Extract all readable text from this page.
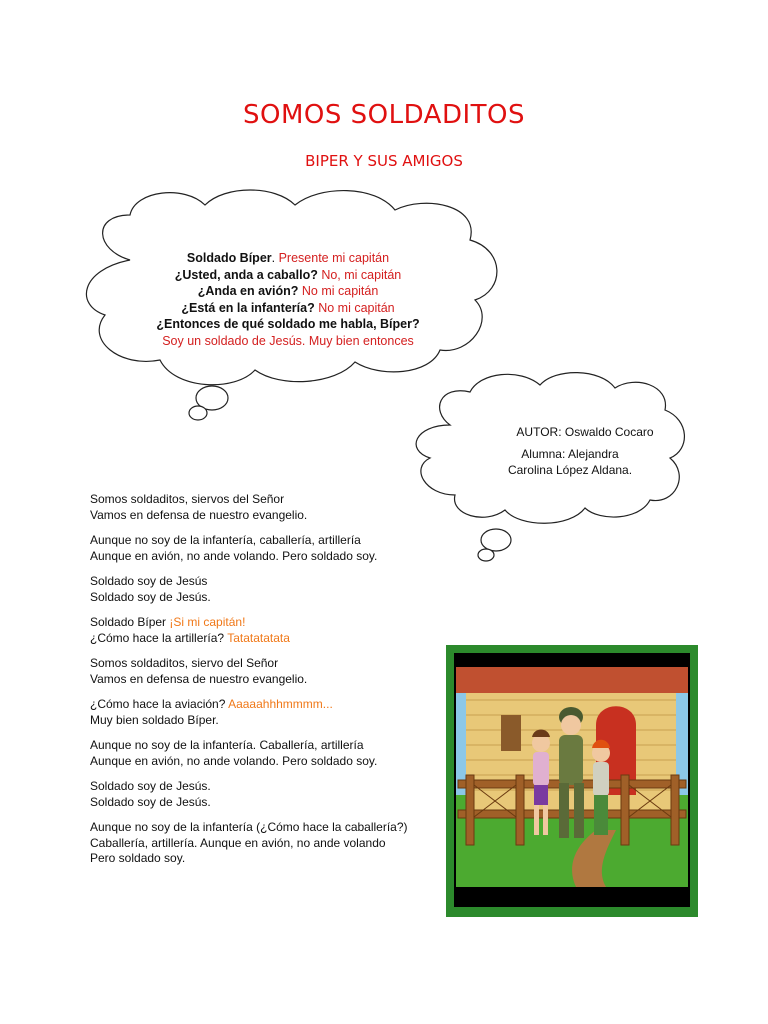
SOMOS SOLDADITOS
BIPER Y SUS AMIGOS
Soldado Bíper. Presente mi capitán
¿Usted, anda a caballo? No, mi capitán
¿Anda en avión? No mi capitán
¿Está en la infantería? No mi capitán
¿Entonces de qué soldado me habla, Bíper?
Soy un soldado de Jesús. Muy bien entonces
AUTOR: Oswaldo Cocaro
Alumna: Alejandra
Carolina López Aldana.

Somos soldaditos, siervos del Señor
Vamos en defensa de nuestro evangelio.

Aunque no soy de la infantería, caballería, artillería
Aunque en avión, no ande volando. Pero soldado soy.

Soldado soy de Jesús
Soldado soy de Jesús.

Soldado Bíper ¡Si mi capitán!
¿Cómo hace la artillería? Tatatatatata

Somos soldaditos, siervo del Señor
Vamos en defensa de nuestro evangelio.

¿Cómo hace la aviación? Aaaaahhhmmmm...
Muy bien soldado Bíper.

Aunque no soy de la infantería. Caballería, artillería
Aunque en avión, no ande volando. Pero soldado soy.

Soldado soy de Jesús.
Soldado soy de Jesús.

Aunque no soy de la infantería (¿Cómo hace la caballería?)
Caballería, artillería. Aunque en avión, no ande volando
Pero soldado soy.
